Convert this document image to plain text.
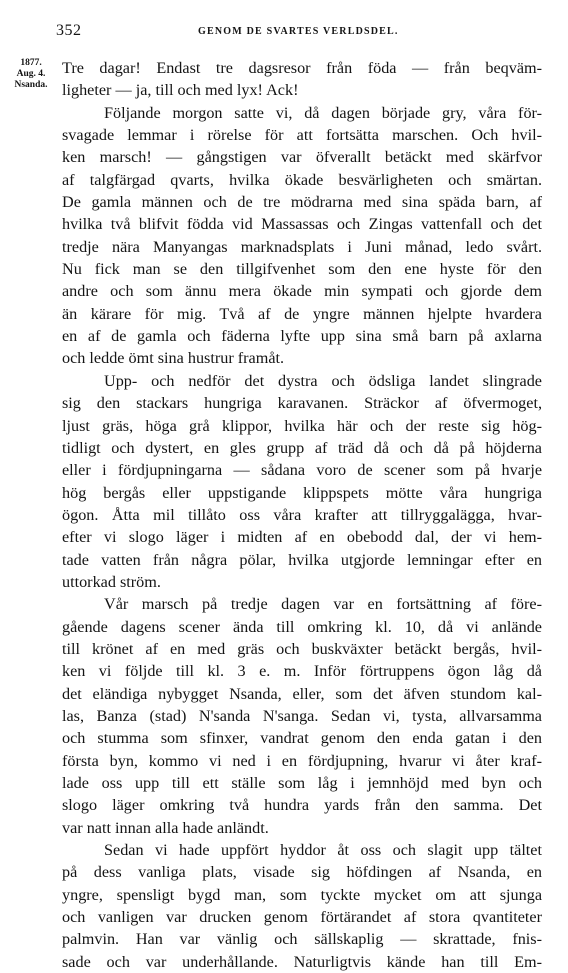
352	GENOM DE SVARTES VERLDSDEL.
1877.
Aug. 4.
Nsanda.
Tre dagar! Endast tre dagsresor från föda — från beqväm-
ligheter — ja, till och med lyx! Ack!
Följande morgon satte vi, då dagen började gry, våra för-
svagade lemmar i rörelse för att fortsätta marschen. Och hvil-
ken marsch! — gångstigen var öfverallt betäckt med skärfvor
af talgfärgad qvarts, hvilka ökade besvärligheten och smärtan.
De gamla männen och de tre mödrarna med sina späda barn, af
hvilka två blifvit födda vid Massassas och Zingas vattenfall och det
tredje nära Manyangas marknadsplats i Juni månad, ledo svårt.
Nu fick man se den tillgifvenhet som den ene hyste för den
andre och som ännu mera ökade min sympati och gjorde dem
än kärare för mig. Två af de yngre männen hjelpte hvardera
en af de gamla och fäderna lyfte upp sina små barn på axlarna
och ledde ömt sina hustrur framåt.
Upp- och nedför det dystra och ödsliga landet slingrade
sig den stackars hungriga karavanen. Sträckor af öfvermoget,
ljust gräs, höga grå klippor, hvilka här och der reste sig hög-
tidligt och dystert, en gles grupp af träd då och då på höjderna
eller i fördjupningarna — sådana voro de scener som på hvarje
hög bergås eller uppstigande klippspets mötte våra hungriga
ögon. Åtta mil tillåto oss våra krafter att tillryggalägga, hvar-
efter vi slogo läger i midten af en obebodd dal, der vi hem-
tade vatten från några pölar, hvilka utgjorde lemningar efter en
uttorkad ström.
Vår marsch på tredje dagen var en fortsättning af före-
gående dagens scener ända till omkring kl. 10, då vi anlände
till krönet af en med gräs och buskväxter betäckt bergås, hvil-
ken vi följde till kl. 3 e. m. Inför förtruppens ögon låg då
det eländiga nybygget Nsanda, eller, som det äfven stundom kal-
las, Banza (stad) N'sanda N'sanga. Sedan vi, tysta, allvarsamma
och stumma som sfinxer, vandrat genom den enda gatan i den
första byn, kommo vi ned i en fördjupning, hvarur vi åter kraf-
lade oss upp till ett ställe som låg i jemnhöjd med byn och
slogo läger omkring två hundra yards från den samma. Det
var natt innan alla hade anländt.
Sedan vi hade uppfört hyddor åt oss och slagit upp tältet
på dess vanliga plats, visade sig höfdingen af Nsanda, en
yngre, spensligt bygd man, som tyckte mycket om att sjunga
och vanligen var drucken genom förtärandet af stora qvantiteter
palmvin. Han var vänlig och sällskaplig — skrattade, fnis-
sade och var underhållande. Naturligtvis kände han till Em-
